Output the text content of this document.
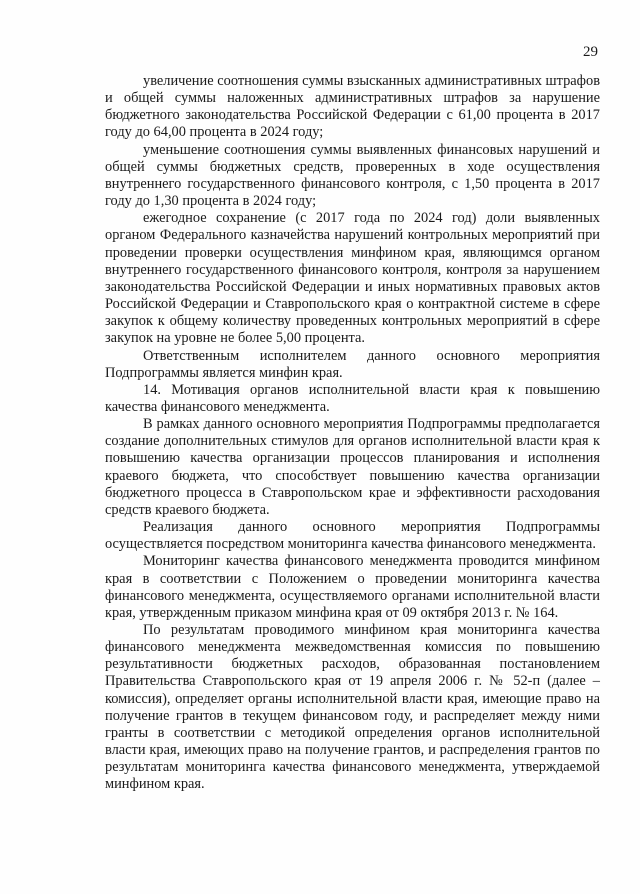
29

увеличение соотношения суммы взысканных административных штрафов и общей суммы наложенных административных штрафов за нарушение бюджетного законодательства Российской Федерации с 61,00 процента в 2017 году до 64,00 процента в 2024 году;

уменьшение соотношения суммы выявленных финансовых нарушений и общей суммы бюджетных средств, проверенных в ходе осуществления внутреннего государственного финансового контроля, с 1,50 процента в 2017 году до 1,30 процента в 2024 году;

ежегодное сохранение (с 2017 года по 2024 год) доли выявленных органом Федерального казначейства нарушений контрольных мероприятий при проведении проверки осуществления минфином края, являющимся органом внутреннего государственного финансового контроля, контроля за нарушением законодательства Российской Федерации и иных нормативных правовых актов Российской Федерации и Ставропольского края о контрактной системе в сфере закупок к общему количеству проведенных контрольных мероприятий в сфере закупок на уровне не более 5,00 процента.

Ответственным исполнителем данного основного мероприятия Подпрограммы является минфин края.

14. Мотивация органов исполнительной власти края к повышению качества финансового менеджмента.

В рамках данного основного мероприятия Подпрограммы предполагается создание дополнительных стимулов для органов исполнительной власти края к повышению качества организации процессов планирования и исполнения краевого бюджета, что способствует повышению качества организации бюджетного процесса в Ставропольском крае и эффективности расходования средств краевого бюджета.

Реализация данного основного мероприятия Подпрограммы осуществляется посредством мониторинга качества финансового менеджмента.

Мониторинг качества финансового менеджмента проводится минфином края в соответствии с Положением о проведении мониторинга качества финансового менеджмента, осуществляемого органами исполнительной власти края, утвержденным приказом минфина края от 09 октября 2013 г. № 164.

По результатам проводимого минфином края мониторинга качества финансового менеджмента межведомственная комиссия по повышению результативности бюджетных расходов, образованная постановлением Правительства Ставропольского края от 19 апреля 2006 г. № 52-п (далее – комиссия), определяет органы исполнительной власти края, имеющие право на получение грантов в текущем финансовом году, и распределяет между ними гранты в соответствии с методикой определения органов исполнительной власти края, имеющих право на получение грантов, и распределения грантов по результатам мониторинга качества финансового менеджмента, утверждаемой минфином края.
